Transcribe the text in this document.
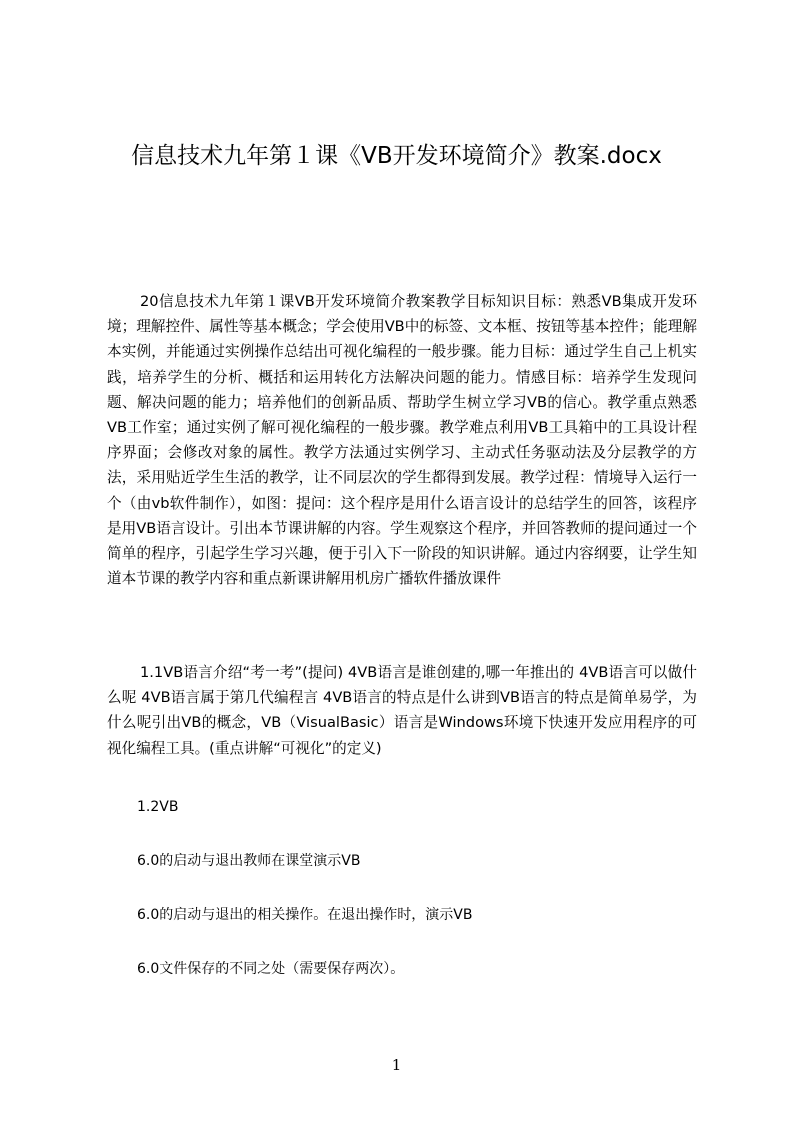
信息技术九年第１课《VB开发环境简介》教案.docx
20信息技术九年第１课VB开发环境简介教案教学目标知识目标：熟悉VB集成开发环境；理解控件、属性等基本概念；学会使用VB中的标签、文本框、按钮等基本控件；能理解本实例，并能通过实例操作总结出可视化编程的一般步骤。能力目标：通过学生自己上机实践，培养学生的分析、概括和运用转化方法解决问题的能力。情感目标：培养学生发现问题、解决问题的能力；培养他们的创新品质、帮助学生树立学习VB的信心。教学重点熟悉 VB工作室；通过实例了解可视化编程的一般步骤。教学难点利用VB工具箱中的工具设计程序界面；会修改对象的属性。教学方法通过实例学习、主动式任务驱动法及分层教学的方法，采用贴近学生生活的教学，让不同层次的学生都得到发展。教学过程：情境导入运行一个（由vb软件制作），如图：提问：这个程序是用什么语言设计的总结学生的回答，该程序是用VB语言设计。引出本节课讲解的内容。学生观察这个程序，并回答教师的提问通过一个简单的程序，引起学生学习兴趣，便于引入下一阶段的知识讲解。通过内容纲要，让学生知道本节课的教学内容和重点新课讲解用机房广播软件播放课件
1.1VB语言介绍“考一考”(提问) 4VB语言是谁创建的,哪一年推出的 4VB语言可以做什么呢 4VB语言属于第几代编程言 4VB语言的特点是什么讲到VB语言的特点是简单易学，为什么呢引出VB的概念，VB（VisualBasic）语言是Windows环境下快速开发应用程序的可视化编程工具。(重点讲解“可视化”的定义)
1.2VB
6.0的启动与退出教师在课堂演示VB
6.0的启动与退出的相关操作。在退出操作时，演示VB
6.0文件保存的不同之处（需要保存两次）。
1
